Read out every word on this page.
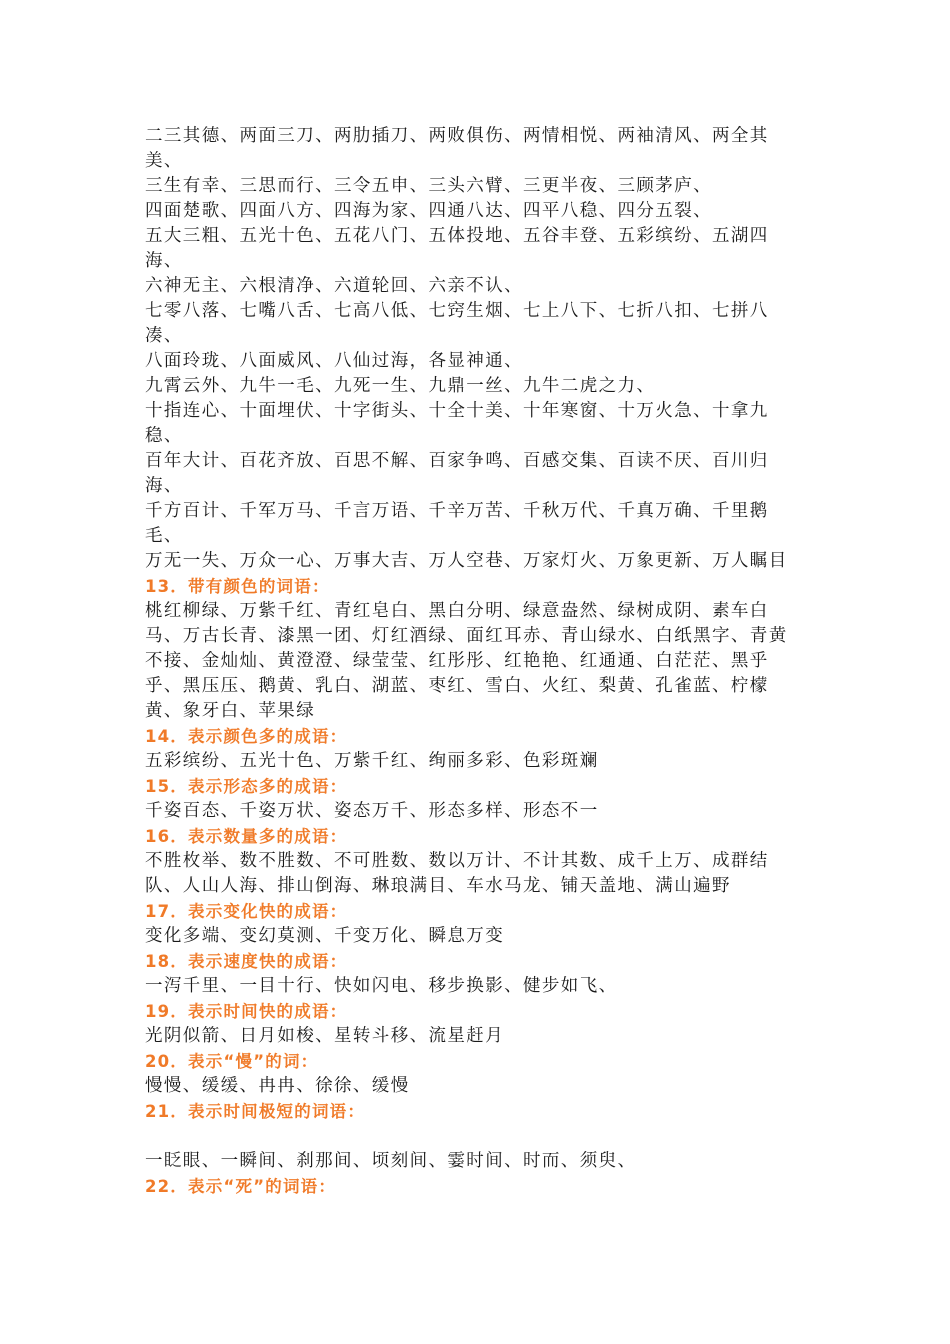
二三其德、两面三刀、两肋插刀、两败俱伤、两情相悦、两袖清风、两全其美、

三生有幸、三思而行、三令五申、三头六臂、三更半夜、三顾茅庐、

四面楚歌、四面八方、四海为家、四通八达、四平八稳、四分五裂、

五大三粗、五光十色、五花八门、五体投地、五谷丰登、五彩缤纷、五湖四海、

六神无主、六根清净、六道轮回、六亲不认、

七零八落、七嘴八舌、七高八低、七窍生烟、七上八下、七折八扣、七拼八凑、

八面玲珑、八面威风、八仙过海，各显神通、

九霄云外、九牛一毛、九死一生、九鼎一丝、九牛二虎之力、

十指连心、十面埋伏、十字街头、十全十美、十年寒窗、十万火急、十拿九稳、

百年大计、百花齐放、百思不解、百家争鸣、百感交集、百读不厌、百川归海、

千方百计、千军万马、千言万语、千辛万苦、千秋万代、千真万确、千里鹅毛、

万无一失、万众一心、万事大吉、万人空巷、万家灯火、万象更新、万人瞩目

13．带有颜色的词语：

桃红柳绿、万紫千红、青红皂白、黑白分明、绿意盎然、绿树成阴、素车白马、万古长青、漆黑一团、灯红酒绿、面红耳赤、青山绿水、白纸黑字、青黄不接、金灿灿、黄澄澄、绿莹莹、红彤彤、红艳艳、红通通、白茫茫、黑乎乎、黑压压、鹅黄、乳白、湖蓝、枣红、雪白、火红、梨黄、孔雀蓝、柠檬黄、象牙白、苹果绿

14．表示颜色多的成语：

五彩缤纷、五光十色、万紫千红、绚丽多彩、色彩斑斓

15．表示形态多的成语：

千姿百态、千姿万状、姿态万千、形态多样、形态不一

16．表示数量多的成语：

不胜枚举、数不胜数、不可胜数、数以万计、不计其数、成千上万、成群结队、人山人海、排山倒海、琳琅满目、车水马龙、铺天盖地、满山遍野

17．表示变化快的成语：

变化多端、变幻莫测、千变万化、瞬息万变

18．表示速度快的成语：

一泻千里、一目十行、快如闪电、移步换影、健步如飞、

19．表示时间快的成语：

光阴似箭、日月如梭、星转斗移、流星赶月

20．表示“慢”的词：

慢慢、缓缓、冉冉、徐徐、缓慢

21．表示时间极短的词语：

一眨眼、一瞬间、刹那间、顷刻间、霎时间、时而、须臾、

22．表示“死”的词语：
